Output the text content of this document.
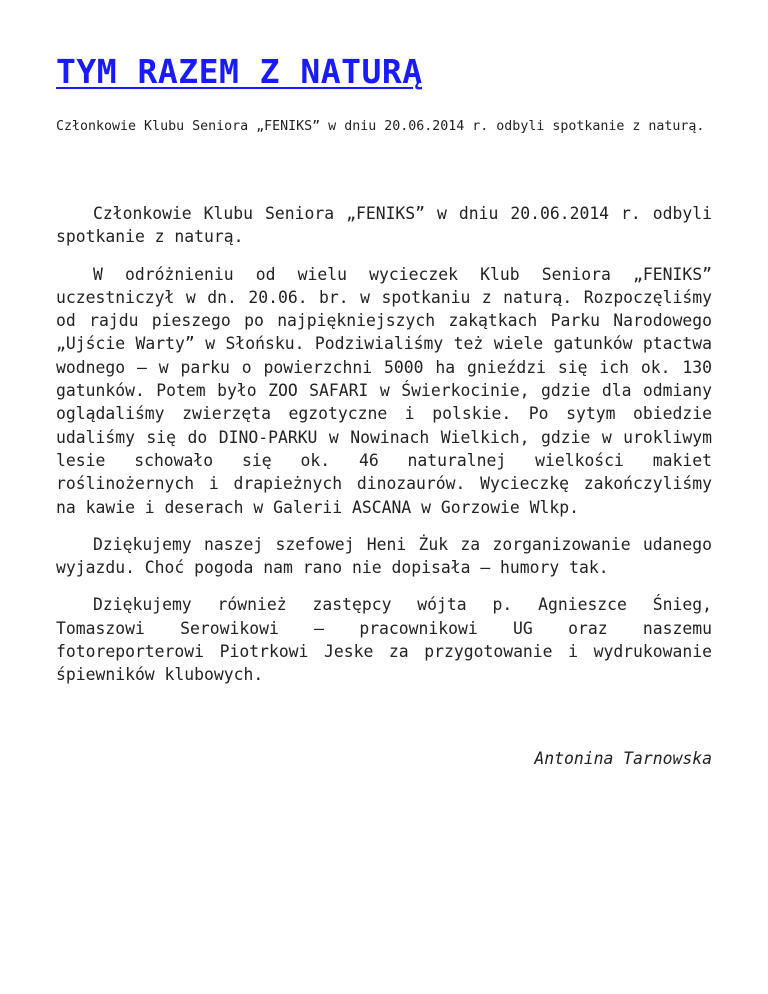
TYM RAZEM Z NATURĄ

Członkowie Klubu Seniora „FENIKS” w dniu 20.06.2014 r. odbyli spotkanie z naturą.

Członkowie Klubu Seniora „FENIKS” w dniu 20.06.2014 r. odbyli spotkanie z naturą.

W odróżnieniu od wielu wycieczek Klub Seniora „FENIKS” uczestniczył w dn. 20.06. br. w spotkaniu z naturą. Rozpoczęliśmy od rajdu pieszego po najpiękniejszych zakątkach Parku Narodowego „Ujście Warty” w Słońsku. Podziwialiśmy też wiele gatunków ptactwa wodnego – w parku o powierzchni 5000 ha gnieździ się ich ok. 130 gatunków. Potem było ZOO SAFARI w Świerkocinie, gdzie dla odmiany oglądaliśmy zwierzęta egzotyczne i polskie. Po sytym obiedzie udaliśmy się do DINO-PARKU w Nowinach Wielkich, gdzie w urokliwym lesie schowało się ok. 46 naturalnej wielkości makiet roślinożernych i drapieżnych dinozaurów. Wycieczkę zakończyliśmy na kawie i deserach w Galerii ASCANA w Gorzowie Wlkp.

Dziękujemy naszej szefowej Heni Żuk za zorganizowanie udanego wyjazdu. Choć pogoda nam rano nie dopisała – humory tak.

Dziękujemy również zastępcy wójta p. Agnieszce Śnieg, Tomaszowi Serowikowi – pracownikowi UG oraz naszemu fotoreporterowi Piotrkowi Jeske za przygotowanie i wydrukowanie śpiewników klubowych.

Antonina Tarnowska
